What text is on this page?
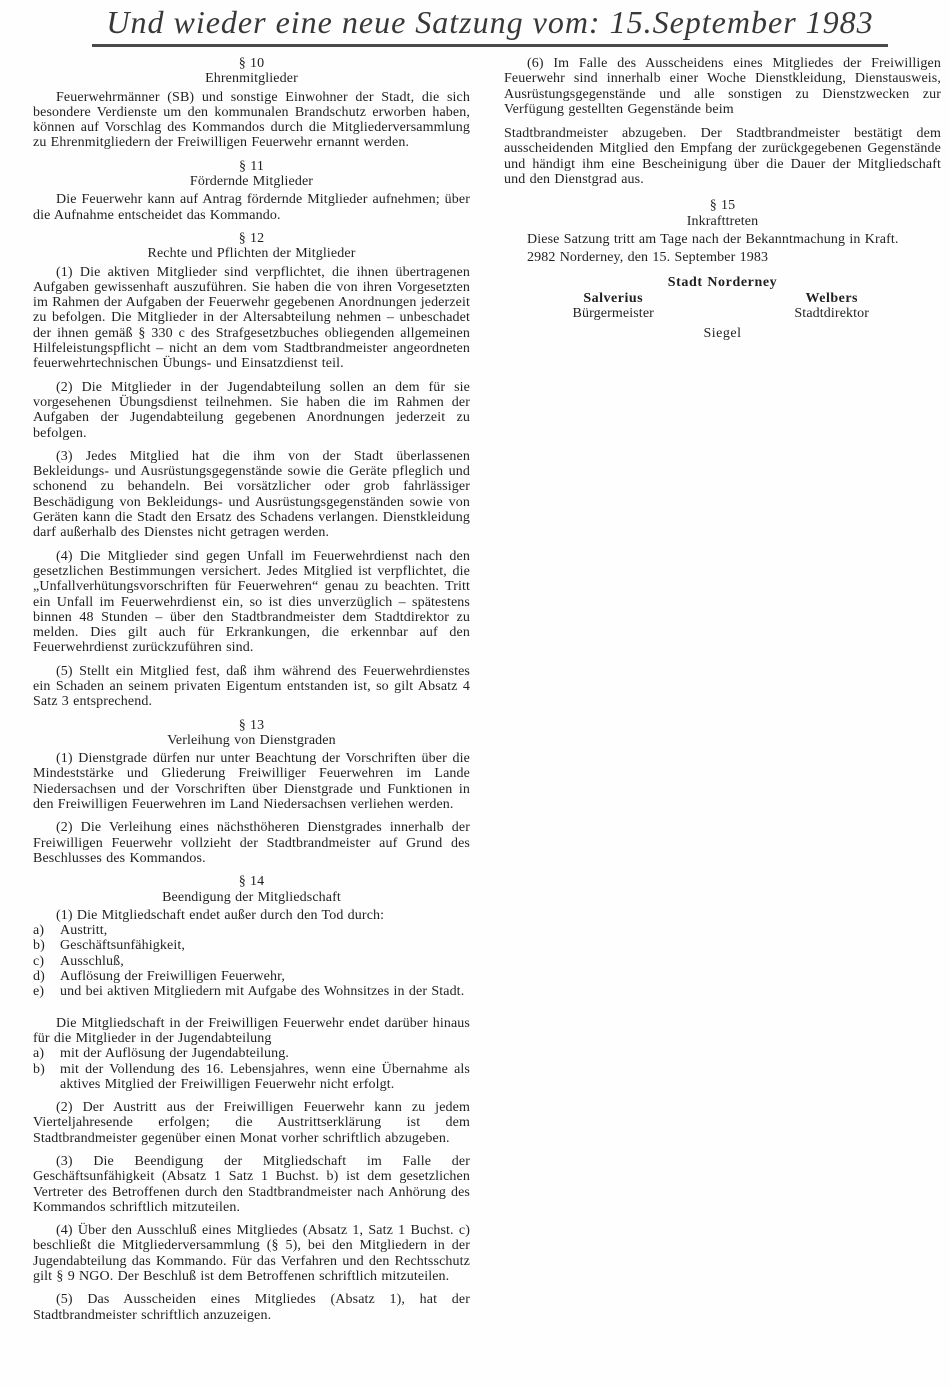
Und wieder eine neue Satzung vom: 15.September 1983
§ 10
Ehrenmitglieder

Feuerwehrmänner (SB) und sonstige Einwohner der Stadt, die sich besondere Verdienste um den kommunalen Brandschutz erworben haben, können auf Vorschlag des Kommandos durch die Mitgliederversammlung zu Ehrenmitgliedern der Freiwilligen Feuerwehr ernannt werden.

§ 11
Fördernde Mitglieder

Die Feuerwehr kann auf Antrag fördernde Mitglieder aufnehmen; über die Aufnahme entscheidet das Kommando.

§ 12
Rechte und Pflichten der Mitglieder

(1) Die aktiven Mitglieder sind verpflichtet, die ihnen übertragenen Aufgaben gewissenhaft auszuführen. Sie haben die von ihren Vorgesetzten im Rahmen der Aufgaben der Feuerwehr gegebenen Anordnungen jederzeit zu befolgen. Die Mitglieder in der Altersabteilung nehmen – unbeschadet der ihnen gemäß § 330 c des Strafgesetzbuches obliegenden allgemeinen Hilfeleistungspflicht – nicht an dem vom Stadtbrandmeister angeordneten feuerwehrtechnischen Übungs- und Einsatzdienst teil.

(2) Die Mitglieder in der Jugendabteilung sollen an dem für sie vorgesehenen Übungsdienst teilnehmen. Sie haben die im Rahmen der Aufgaben der Jugendabteilung gegebenen Anordnungen jederzeit zu befolgen.

(3) Jedes Mitglied hat die ihm von der Stadt überlassenen Bekleidungs- und Ausrüstungsgegenstände sowie die Geräte pfleglich und schonend zu behandeln. Bei vorsätzlicher oder grob fahrlässiger Beschädigung von Bekleidungs- und Ausrüstungsgegenständen sowie von Geräten kann die Stadt den Ersatz des Schadens verlangen. Dienstkleidung darf außerhalb des Dienstes nicht getragen werden.

(4) Die Mitglieder sind gegen Unfall im Feuerwehrdienst nach den gesetzlichen Bestimmungen versichert. Jedes Mitglied ist verpflichtet, die „Unfallverhütungsvorschriften für Feuerwehren“ genau zu beachten. Tritt ein Unfall im Feuerwehrdienst ein, so ist dies unverzüglich – spätestens binnen 48 Stunden – über den Stadtbrandmeister dem Stadtdirektor zu melden. Dies gilt auch für Erkrankungen, die erkennbar auf den Feuerwehrdienst zurückzuführen sind.

(5) Stellt ein Mitglied fest, daß ihm während des Feuerwehrdienstes ein Schaden an seinem privaten Eigentum entstanden ist, so gilt Absatz 4 Satz 3 entsprechend.

§ 13
Verleihung von Dienstgraden

(1) Dienstgrade dürfen nur unter Beachtung der Vorschriften über die Mindeststärke und Gliederung Freiwilliger Feuerwehren im Lande Niedersachsen und der Vorschriften über Dienstgrade und Funktionen in den Freiwilligen Feuerwehren im Land Niedersachsen verliehen werden.

(2) Die Verleihung eines nächsthöheren Dienstgrades innerhalb der Freiwilligen Feuerwehr vollzieht der Stadtbrandmeister auf Grund des Beschlusses des Kommandos.

§ 14
Beendigung der Mitgliedschaft

(1) Die Mitgliedschaft endet außer durch den Tod durch:

a)	Austritt,
b)	Geschäftsunfähigkeit,
c)	Ausschluß,
d)	Auflösung der Freiwilligen Feuerwehr,
e)	und bei aktiven Mitgliedern mit Aufgabe des Wohnsitzes in der Stadt.

Die Mitgliedschaft in der Freiwilligen Feuerwehr endet darüber hinaus für die Mitglieder in der Jugendabteilung

a)	mit der Auflösung der Jugendabteilung.
b)	mit der Vollendung des 16. Lebensjahres, wenn eine Übernahme als aktives Mitglied der Freiwilligen Feuerwehr nicht erfolgt.

(2) Der Austritt aus der Freiwilligen Feuerwehr kann zu jedem Vierteljahresende erfolgen; die Austrittserklärung ist dem Stadtbrandmeister gegenüber einen Monat vorher schriftlich abzugeben.

(3) Die Beendigung der Mitgliedschaft im Falle der Geschäftsunfähigkeit (Absatz 1 Satz 1 Buchst. b) ist dem gesetzlichen Vertreter des Betroffenen durch den Stadtbrandmeister nach Anhörung des Kommandos schriftlich mitzuteilen.

(4) Über den Ausschluß eines Mitgliedes (Absatz 1, Satz 1 Buchst. c) beschließt die Mitgliederversammlung (§ 5), bei den Mitgliedern in der Jugendabteilung das Kommando. Für das Verfahren und den Rechtsschutz gilt § 9 NGO. Der Beschluß ist dem Betroffenen schriftlich mitzuteilen.

(5) Das Ausscheiden eines Mitgliedes (Absatz 1), hat der Stadtbrandmeister schriftlich anzuzeigen.

(6) Im Falle des Ausscheidens eines Mitgliedes der Freiwilligen Feuerwehr sind innerhalb einer Woche Dienstkleidung, Dienstausweis, Ausrüstungsgegenstände und alle sonstigen zu Dienstzwecken zur Verfügung gestellten Gegenstände beim

Stadtbrandmeister abzugeben. Der Stadtbrandmeister bestätigt dem ausscheidenden Mitglied den Empfang der zurückgegebenen Gegenstände und händigt ihm eine Bescheinigung über die Dauer der Mitgliedschaft und den Dienstgrad aus.

§ 15
Inkrafttreten

Diese Satzung tritt am Tage nach der Bekanntmachung in Kraft.

2982 Norderney, den 15. September 1983

Stadt Norderney
Salverius
Bürgermeister
Welbers
Stadtdirektor
Siegel
